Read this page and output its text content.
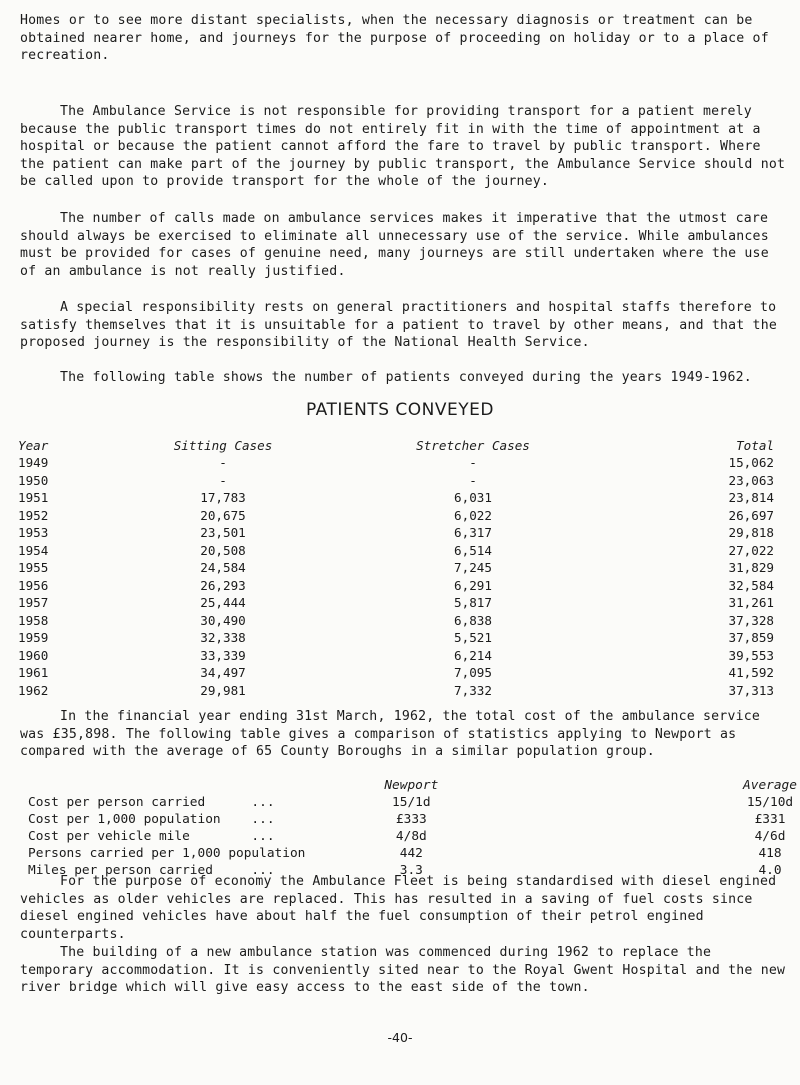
Homes or to see more distant specialists, when the necessary diagnosis or treatment can be obtained nearer home, and journeys for the purpose of proceeding on holiday or to a place of recreation.

The Ambulance Service is not responsible for providing transport for a patient merely because the public transport times do not entirely fit in with the time of appointment at a hospital or because the patient cannot afford the fare to travel by public transport. Where the patient can make part of the journey by public transport, the Ambulance Service should not be called upon to provide transport for the whole of the journey.

The number of calls made on ambulance services makes it imperative that the utmost care should always be exercised to eliminate all unnecessary use of the service. While ambulances must be provided for cases of genuine need, many journeys are still undertaken where the use of an ambulance is not really justified.

A special responsibility rests on general practitioners and hospital staffs therefore to satisfy themselves that it is unsuitable for a patient to travel by other means, and that the proposed journey is the responsibility of the National Health Service.

The following table shows the number of patients conveyed during the years 1949-1962.

PATIENTS CONVEYED
Year	Sitting Cases	Stretcher Cases	Total
1949	-	-	15,062
1950	-	-	23,063
1951	17,783	6,031	23,814
1952	20,675	6,022	26,697
1953	23,501	6,317	29,818
1954	20,508	6,514	27,022
1955	24,584	7,245	31,829
1956	26,293	6,291	32,584
1957	25,444	5,817	31,261
1958	30,490	6,838	37,328
1959	32,338	5,521	37,859
1960	33,339	6,214	39,553
1961	34,497	7,095	41,592
1962	29,981	7,332	37,313

In the financial year ending 31st March, 1962, the total cost of the ambulance service was £35,898. The following table gives a comparison of statistics applying to Newport as compared with the average of 65 County Boroughs in a similar population group.

	Newport	Average
Cost per person carried      ...	15/1d	15/10d
Cost per 1,000 population    ...	£333	£331
Cost per vehicle mile        ...	4/8d	4/6d
Persons carried per 1,000 population	442	418
Miles per person carried     ...	3.3	4.0

For the purpose of economy the Ambulance Fleet is being standardised with diesel engined vehicles as older vehicles are replaced. This has resulted in a saving of fuel costs since diesel engined vehicles have about half the fuel consumption of their petrol engined counterparts.

The building of a new ambulance station was commenced during 1962 to replace the temporary accommodation. It is conveniently sited near to the Royal Gwent Hospital and the new river bridge which will give easy access to the east side of the town.

-40-
